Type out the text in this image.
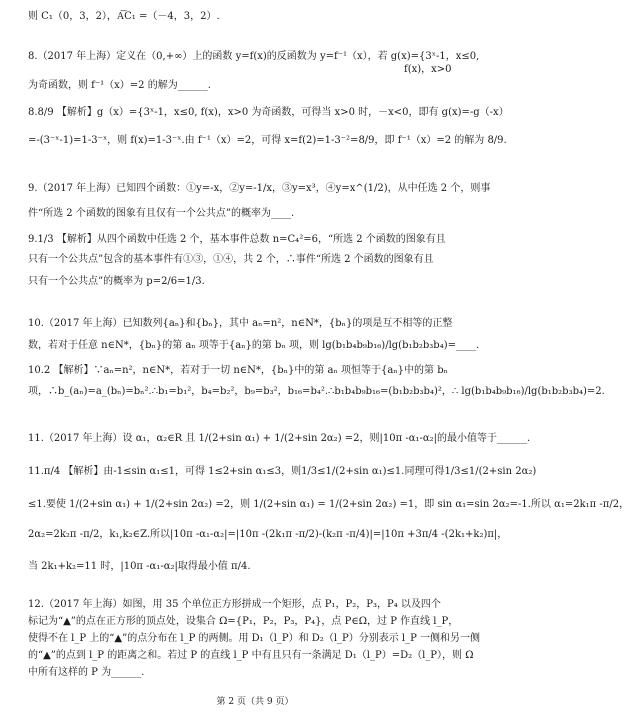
则 C₁（0，3，2），A͞C₁ =（－4，3，2）.
8.（2017 年上海）定义在（0,+∞）上的函数 y=f(x)的反函数为 y=f⁻¹（x），若 g(x)={3ˣ-1，x≤0,
f(x)，x>0
为奇函数，则 f⁻¹（x）=2 的解为______.
8.8/9 【解析】g（x）={3ˣ-1，x≤0, f(x)，x>0 为奇函数，可得当 x>0 时，－x<0，即有 g(x)=-g（-x）
=-(3⁻ˣ-1)=1-3⁻ˣ，则 f(x)=1-3⁻ˣ.由 f⁻¹（x）=2，可得 x=f(2)=1-3⁻²=8/9，即 f⁻¹（x）=2 的解为 8/9.
9.（2017 年上海）已知四个函数：①y=-x，②y=-1/x，③y=x³，④y=x^(1/2)，从中任选 2 个，则事
件“所选 2 个函数的图象有且仅有一个公共点”的概率为____.
9.1/3 【解析】从四个函数中任选 2 个，基本事件总数 n=C₄²=6，“所选 2 个函数的图象有且
只有一个公共点”包含的基本事件有①③，①④，共 2 个，∴事件“所选 2 个函数的图象有且
只有一个公共点”的概率为 p=2/6=1/3.
10.（2017 年上海）已知数列{aₙ}和{bₙ}，其中 aₙ=n²，n∈N*，{bₙ}的项是互不相等的正整
数，若对于任意 n∈N*，{bₙ}的第 aₙ 项等于{aₙ}的第 bₙ 项，则 lg(b₁b₄b₉b₁₆)/lg(b₁b₂b₃b₄)=____.
10.2 【解析】∵aₙ=n²，n∈N*，若对于一切 n∈N*，{bₙ}中的第 aₙ 项恒等于{aₙ}中的第 bₙ
项，∴b_(aₙ)=a_(bₙ)=bₙ².∴b₁=b₁²，b₄=b₂²，b₉=b₃²，b₁₆=b₄².∴b₁b₄b₉b₁₆=(b₁b₂b₃b₄)²，∴ lg(b₁b₄b₉b₁₆)/lg(b₁b₂b₃b₄)=2.
11.（2017 年上海）设 α₁，α₂∈R 且 1/(2+sin α₁) + 1/(2+sin 2α₂) =2，则|10π -α₁-α₂|的最小值等于______.
11.π/4 【解析】由-1≤sin α₁≤1，可得 1≤2+sin α₁≤3，则1/3≤1/(2+sin α₁)≤1.同理可得1/3≤1/(2+sin 2α₂)
≤1.要使 1/(2+sin α₁) + 1/(2+sin 2α₂) =2，则 1/(2+sin α₁) = 1/(2+sin 2α₂) =1，即 sin α₁=sin 2α₂=-1.所以 α₁=2k₁π -π/2，
2α₂=2k₂π -π/2，k₁,k₂∈Z.所以|10π -α₁-α₂|=|10π -(2k₁π -π/2)-(k₂π -π/4)|=|10π +3π/4 -(2k₁+k₂)π|，
当 2k₁+k₂=11 时，|10π -α₁-α₂|取得最小值 π/4.
12.（2017 年上海）如图，用 35 个单位正方形拼成一个矩形，点 P₁，P₂，P₃，P₄ 以及四个
标记为“▲”的点在正方形的顶点处，设集合 Ω={P₁，P₂，P₃，P₄}，点 P∈Ω，过 P 作直线 l_P，
使得不在 l_P 上的“▲”的点分布在 l_P 的两侧。用 D₁（l_P）和 D₂（l_P）分别表示 l_P 一侧和另一侧
的“▲”的点到 l_P 的距离之和。若过 P 的直线 l_P 中有且只有一条满足 D₁（l_P）=D₂（l_P），则 Ω
中所有这样的 P 为______.
第 2 页（共 9 页）
